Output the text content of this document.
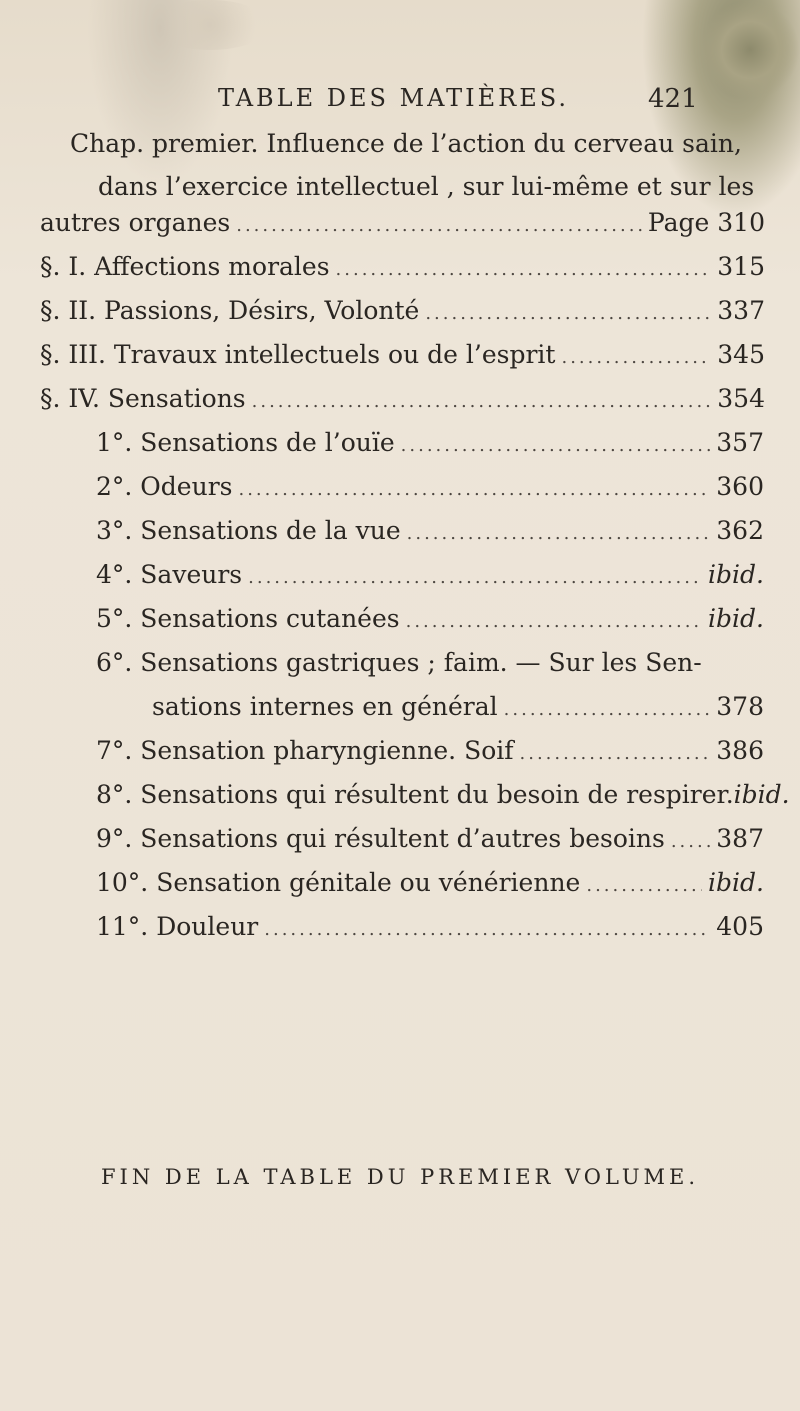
TABLE DES MATIÈRES.	421
Chap. premier. Influence de l’action du cerveau sain,
dans l’exercice intellectuel , sur lui-même et sur les
autres organes .....	Page 310
§. I. Affections morales .....	315
§. II. Passions, Désirs, Volonté .....	337
§. III. Travaux intellectuels ou de l’esprit .....	345
§. IV. Sensations .....	354
1°. Sensations de l’ouïe .....	357
2°. Odeurs .....	360
3°. Sensations de la vue .....	362
4°. Saveurs .....	ibid.
5°. Sensations cutanées .....	ibid.
6°. Sensations gastriques ; faim. — Sur les Sen-
sations internes en général .....	378
7°. Sensation pharyngienne. Soif .....	386
8°. Sensations qui résultent du besoin de respirer. ibid.
9°. Sensations qui résultent d’autres besoins ..... 387
10°. Sensation génitale ou vénérienne .....	ibid.
11°. Douleur .....	405
FIN DE LA TABLE DU PREMIER VOLUME.
